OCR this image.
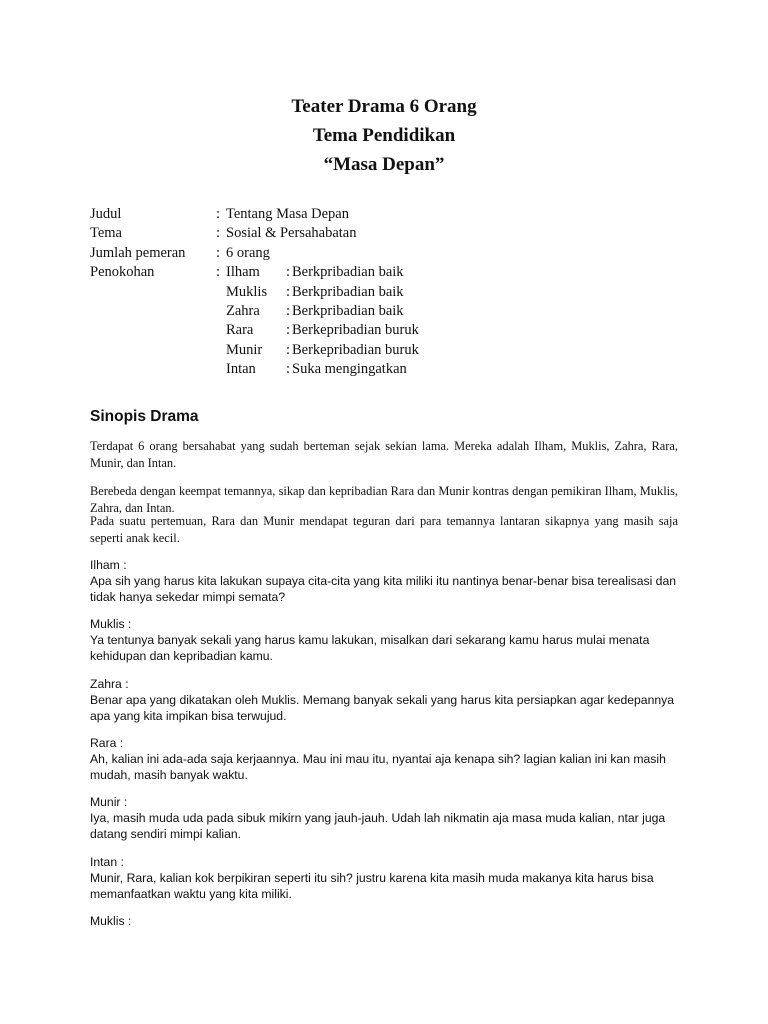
Teater Drama 6 Orang

Tema Pendidikan

“Masa Depan”

Judul	: Tentang Masa Depan
Tema	: Sosial & Persahabatan
Jumlah pemeran : 6 orang
Penokohan	: Ilham : Berkpribadian baik
Muklis : Berkpribadian baik
Zahra : Berkpribadian baik
Rara : Berkepribadian buruk
Munir : Berkepribadian buruk
Intan : Suka mengingatkan
Sinopis Drama

Terdapat 6 orang bersahabat yang sudah berteman sejak sekian lama. Mereka adalah Ilham, Muklis, Zahra, Rara, Munir, dan Intan.

Berebeda dengan keempat temannya, sikap dan kepribadian Rara dan Munir kontras dengan pemikiran Ilham, Muklis, Zahra, dan Intan.

Pada suatu pertemuan, Rara dan Munir mendapat teguran dari para temannya lantaran sikapnya yang masih saja seperti anak kecil.

Ilham :

Apa sih yang harus kita lakukan supaya cita-cita yang kita miliki itu nantinya benar-benar bisa terealisasi dan tidak hanya sekedar mimpi semata?

Muklis :

Ya tentunya banyak sekali yang harus kamu lakukan, misalkan dari sekarang kamu harus mulai menata kehidupan dan kepribadian kamu.

Zahra :

Benar apa yang dikatakan oleh Muklis. Memang banyak sekali yang harus kita persiapkan agar kedepannya apa yang kita impikan bisa terwujud.

Rara :

Ah, kalian ini ada-ada saja kerjaannya. Mau ini mau itu, nyantai aja kenapa sih? lagian kalian ini kan masih mudah, masih banyak waktu.

Munir :

Iya, masih muda uda pada sibuk mikirn yang jauh-jauh. Udah lah nikmatin aja masa muda kalian, ntar juga datang sendiri mimpi kalian.

Intan :

Munir, Rara, kalian kok berpikiran seperti itu sih? justru karena kita masih muda makanya kita harus bisa memanfaatkan waktu yang kita miliki.

Muklis :
